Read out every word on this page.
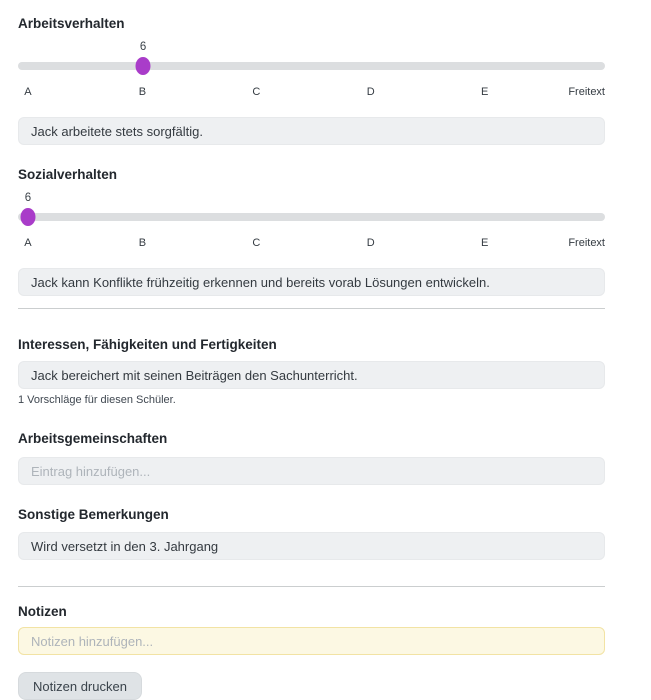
Arbeitsverhalten
6
A	B	C	D	E	Freitext
Jack arbeitete stets sorgfältig.
Sozialverhalten
6
A	B	C	D	E	Freitext
Jack kann Konflikte frühzeitig erkennen und bereits vorab Lösungen entwickeln.
Interessen, Fähigkeiten und Fertigkeiten
Jack bereichert mit seinen Beiträgen den Sachunterricht.
1 Vorschläge für diesen Schüler.
Arbeitsgemeinschaften
Eintrag hinzufügen...
Sonstige Bemerkungen
Wird versetzt in den 3. Jahrgang
Notizen
Notizen hinzufügen... Notizen drucken
